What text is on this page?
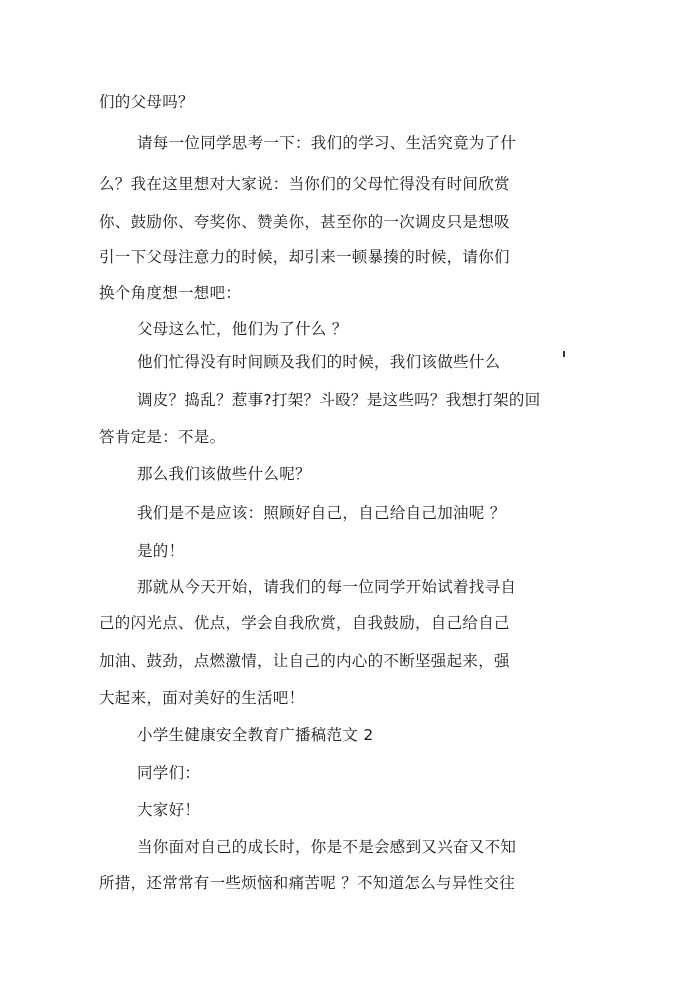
们的父母吗？
请每一位同学思考一下：我们的学习、生活究竟为了什
么？我在这里想对大家说：当你们的父母忙得没有时间欣赏
你、鼓励你、夸奖你、赞美你，甚至你的一次调皮只是想吸
引一下父母注意力的时候，却引来一顿暴揍的时候，请你们
换个角度想一想吧：
父母这么忙，他们为了什么 ？
他们忙得没有时间顾及我们的时候，我们该做些什么
调皮？捣乱？惹事?打架？斗殴？是这些吗？我想打架的回
答肯定是：不是。
那么我们该做些什么呢？
我们是不是应该：照顾好自己，自己给自己加油呢 ？
是的！
那就从今天开始，请我们的每一位同学开始试着找寻自
己的闪光点、优点，学会自我欣赏，自我鼓励，自己给自己
加油、鼓劲，点燃激情，让自己的内心的不断坚强起来，强
大起来，面对美好的生活吧！
小学生健康安全教育广播稿范文 2
同学们：
大家好！
当你面对自己的成长时，你是不是会感到又兴奋又不知
所措，还常常有一些烦恼和痛苦呢 ？不知道怎么与异性交往
